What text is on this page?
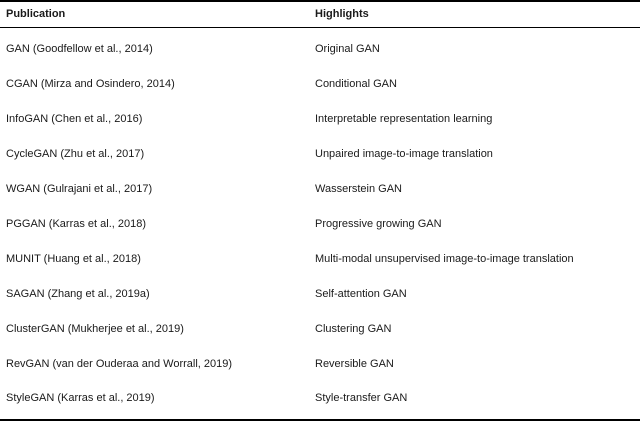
Publication	Highlights
GAN (Goodfellow et al., 2014)	Original GAN
CGAN (Mirza and Osindero, 2014)	Conditional GAN
InfoGAN (Chen et al., 2016)	Interpretable representation learning
CycleGAN (Zhu et al., 2017)	Unpaired image-to-image translation
WGAN (Gulrajani et al., 2017)	Wasserstein GAN
PGGAN (Karras et al., 2018)	Progressive growing GAN
MUNIT (Huang et al., 2018)	Multi-modal unsupervised image-to-image translation
SAGAN (Zhang et al., 2019a)	Self-attention GAN
ClusterGAN (Mukherjee et al., 2019)	Clustering GAN
RevGAN (van der Ouderaa and Worrall, 2019)	Reversible GAN
StyleGAN (Karras et al., 2019)	Style-transfer GAN
